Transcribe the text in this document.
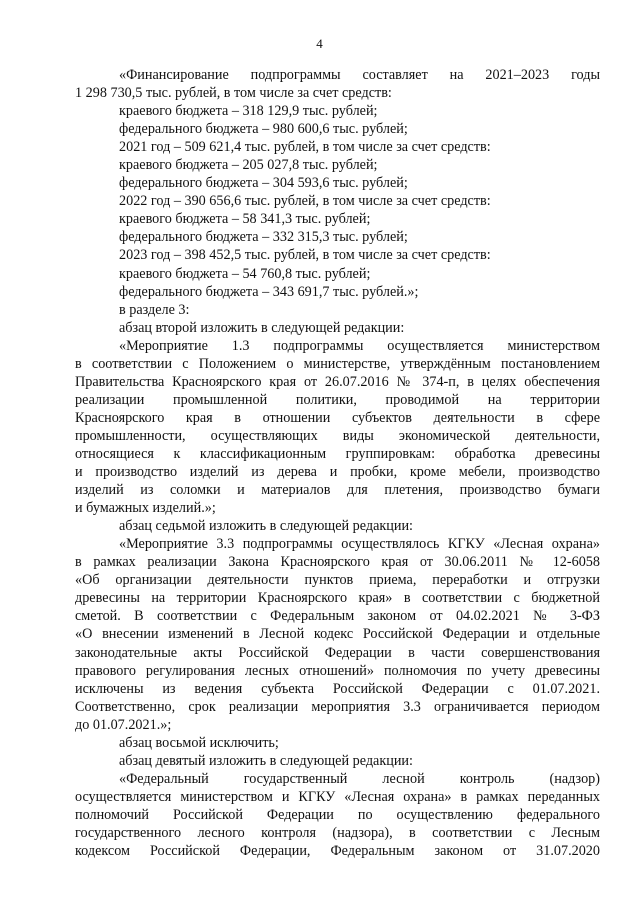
4
«Финансирование подпрограммы составляет на 2021–2023 годы
1 298 730,5 тыс. рублей, в том числе за счет средств:
краевого бюджета – 318 129,9 тыс. рублей;
федерального бюджета – 980 600,6 тыс. рублей;
2021 год – 509 621,4 тыс. рублей, в том числе за счет средств:
краевого бюджета – 205 027,8 тыс. рублей;
федерального бюджета – 304 593,6 тыс. рублей;
2022 год – 390 656,6 тыс. рублей, в том числе за счет средств:
краевого бюджета – 58 341,3 тыс. рублей;
федерального бюджета – 332 315,3 тыс. рублей;
2023 год – 398 452,5 тыс. рублей, в том числе за счет средств:
краевого бюджета – 54 760,8 тыс. рублей;
федерального бюджета – 343 691,7 тыс. рублей.»;
в разделе 3:
абзац второй изложить в следующей редакции:
«Мероприятие 1.3 подпрограммы осуществляется министерством
в соответствии с Положением о министерстве, утверждённым постановлением
Правительства Красноярского края от 26.07.2016 № 374-п, в целях обеспечения
реализации промышленной политики, проводимой на территории
Красноярского края в отношении субъектов деятельности в сфере
промышленности, осуществляющих виды экономической деятельности,
относящиеся к классификационным группировкам: обработка древесины
и производство изделий из дерева и пробки, кроме мебели, производство
изделий из соломки и материалов для плетения, производство бумаги
и бумажных изделий.»;
абзац седьмой изложить в следующей редакции:
«Мероприятие 3.3 подпрограммы осуществлялось КГКУ «Лесная охрана»
в рамках реализации Закона Красноярского края от 30.06.2011 № 12-6058
«Об организации деятельности пунктов приема, переработки и отгрузки
древесины на территории Красноярского края» в соответствии с бюджетной
сметой. В соответствии с Федеральным законом от 04.02.2021 № 3-ФЗ
«О внесении изменений в Лесной кодекс Российской Федерации и отдельные
законодательные акты Российской Федерации в части совершенствования
правового регулирования лесных отношений» полномочия по учету древесины
исключены из ведения субъекта Российской Федерации с 01.07.2021.
Соответственно, срок реализации мероприятия 3.3 ограничивается периодом
до 01.07.2021.»;
абзац восьмой исключить;
абзац девятый изложить в следующей редакции:
«Федеральный государственный лесной контроль (надзор)
осуществляется министерством и КГКУ «Лесная охрана» в рамках переданных
полномочий Российской Федерации по осуществлению федерального
государственного лесного контроля (надзора), в соответствии с Лесным
кодексом Российской Федерации, Федеральным законом от 31.07.2020
